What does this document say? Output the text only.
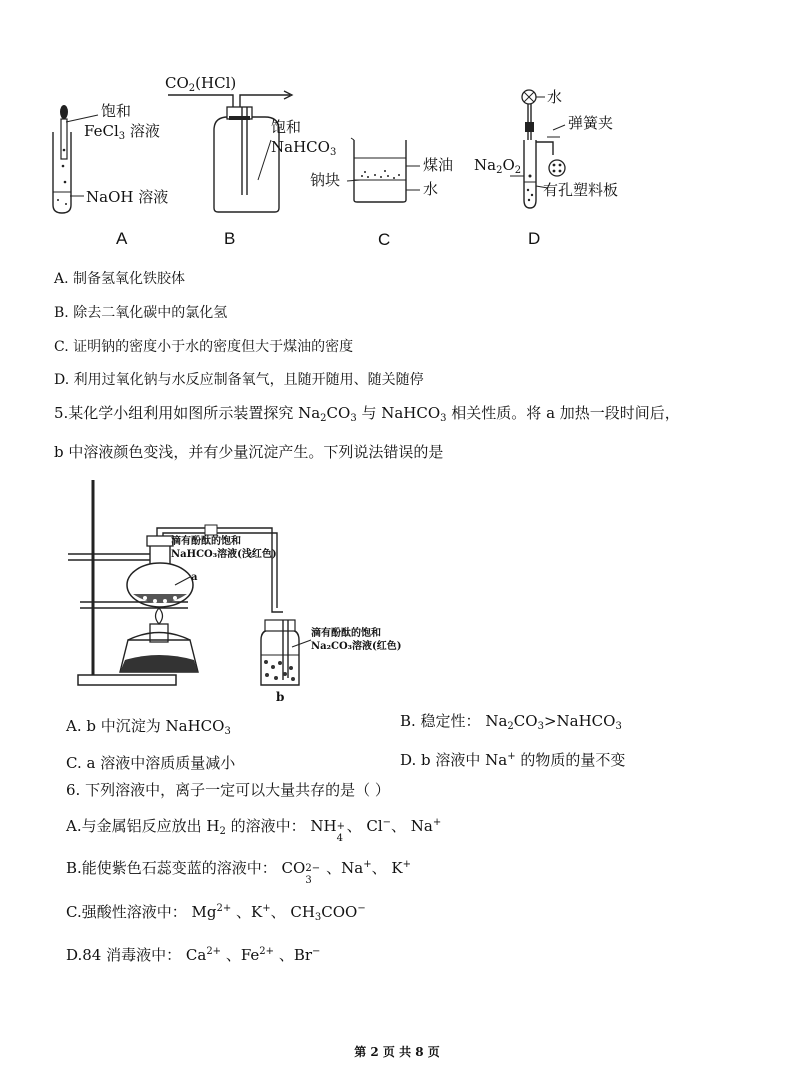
饱和
FeCl$_3$ 溶液
NaOH 溶液
A
$CO_2(HCl)$
饱和
NaHCO$_3$
B
钠块
煤油
水
C
水
弹簧夹
$Na_2O_2$
有孔塑料板
D
A. 制备氢氧化铁胶体
B. 除去二氧化碳中的氯化氢
C. 证明钠的密度小于水的密度但大于煤油的密度
D. 利用过氧化钠与水反应制备氧气，且随开随用、随关随停
5.某化学小组利用如图所示装置探究 $Na_2CO_3$ 与 NaHCO$_3$ 相关性质。将 a 加热一段时间后，
b 中溶液颜色变浅，并有少量沉淀产生。下列说法错误的是
滴有酚酞的饱和
NaHCO₃溶液(浅红色)
a
滴有酚酞的饱和
Na₂CO₃溶液(红色)
b
A. b 中沉淀为 NaHCO$_3$
B. 稳定性： $Na_2CO_3>NaHCO_3$
C. a 溶液中溶质质量减小	D. b 溶液中 Na+ 的物质的量不变
6. 下列溶液中，离子一定可以大量共存的是（ ）
A.与金属铝反应放出 $H_2$ 的溶液中： NH +
4
、 Cl−、 Na+
B.能使紫色石蕊变蓝的溶液中： CO 2−
3
、Na+、 K+
C.强酸性溶液中： $Mg^{2+}$ 、K+、 $CH_3COO^-$
D.84 消毒液中： $Ca^{2+}$ 、$Fe^{2+}$ 、Br−
第 2 页 共 8 页
